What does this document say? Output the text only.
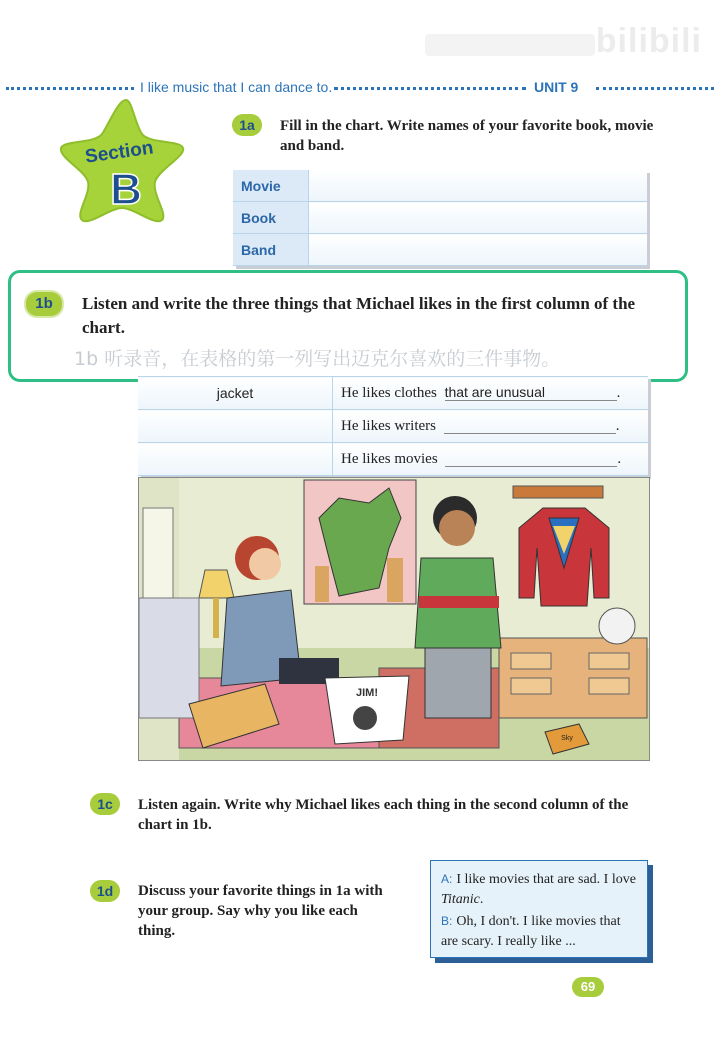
bilibili
I like music that I can dance to.	UNIT 9
Section
B
1a	Fill in the chart. Write names of your favorite book, movie and band.
Movie	
Book	
Band	
1b	Listen and write the three things that Michael likes in the first column of the chart.
1b 听录音，在表格的第一列写出迈克尔喜欢的三件事物。
jacket	He likes clothes that are unusual .
	He likes writers .
	He likes movies .
JIM!
Sky
1c	Listen again. Write why Michael likes each thing in the second column of the chart in 1b.
1d	Discuss your favorite things in 1a with your group. Say why you like each thing.
A: I like movies that are sad. I love Titanic.
B: Oh, I don't. I like movies that are scary. I really like ...
69
